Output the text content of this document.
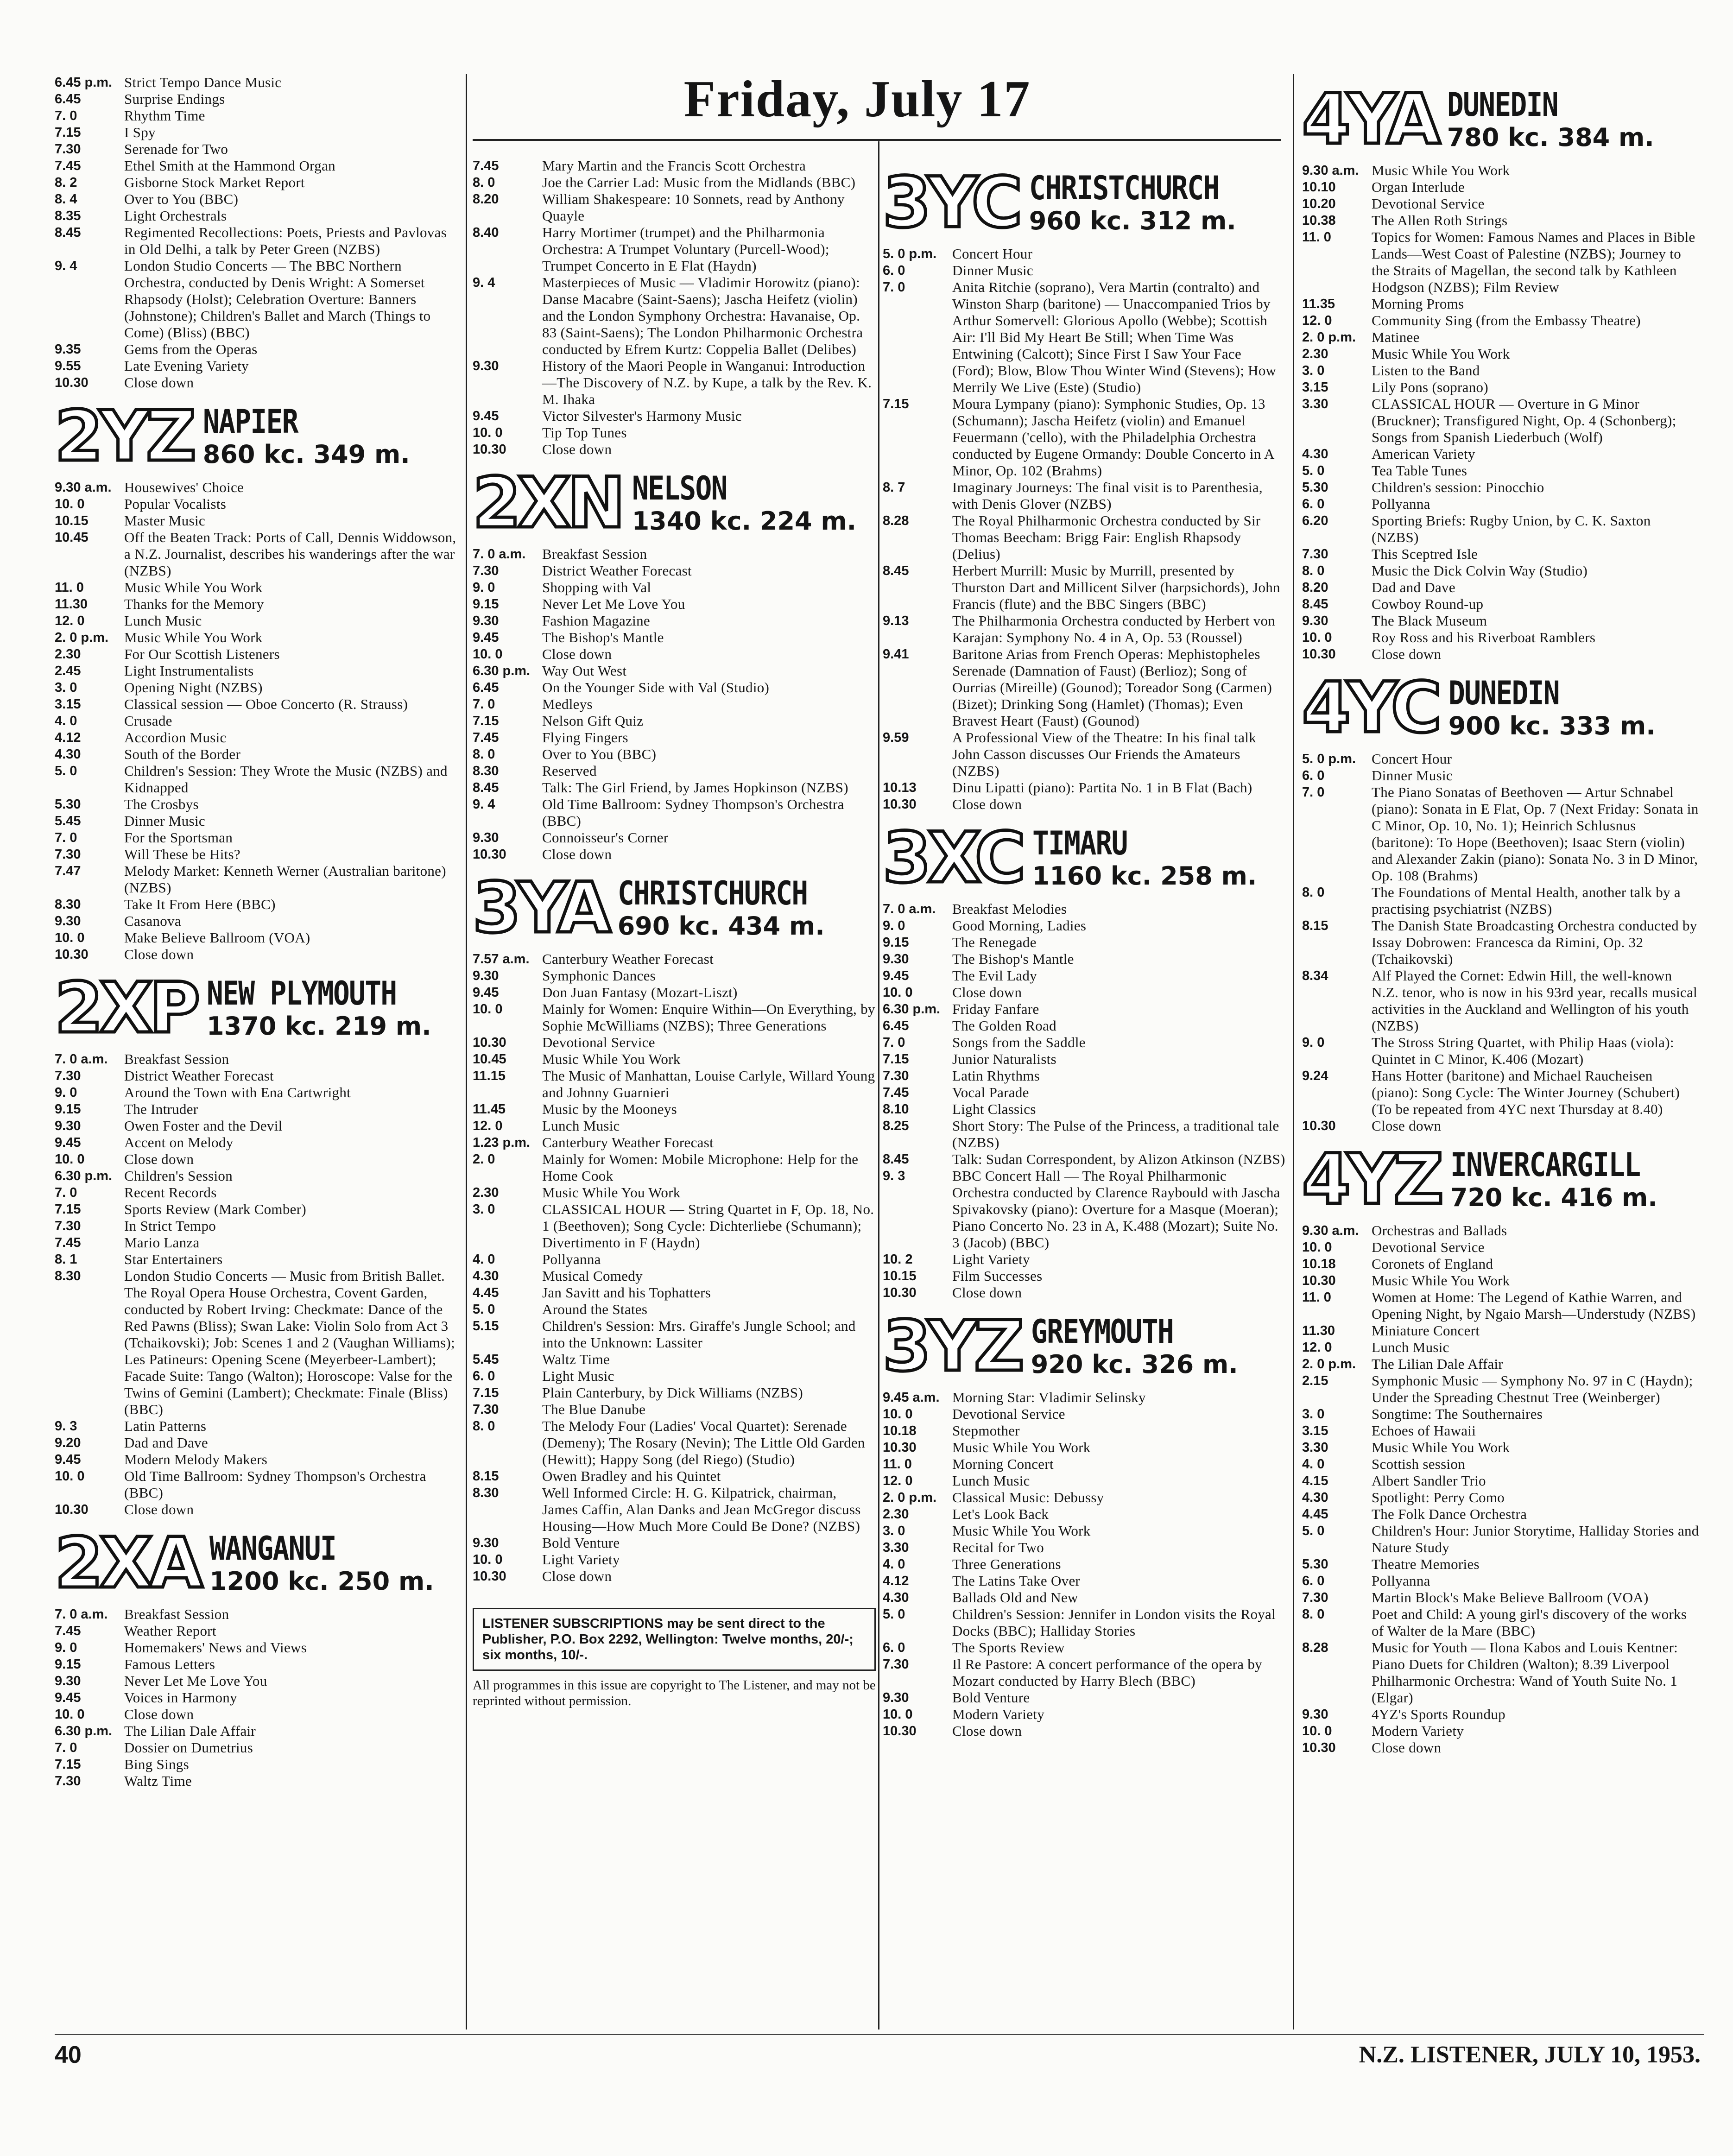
Friday, July 17
6.45 p.m. Strict Tempo Dance Music
6.45	Surprise Endings
7. 0	Rhythm Time
7.15	I Spy
7.30	Serenade for Two
7.45	Ethel Smith at the Hammond Organ
8. 2	Gisborne Stock Market Report
8. 4	Over to You (BBC)
8.35	Light Orchestrals
8.45	Regimented Recollections: Poets, Priests and Pavlovas in Old Delhi, a talk by Peter Green (NZBS)
9. 4	London Studio Concerts — The BBC Northern Orchestra, conducted by Denis Wright: A Somerset Rhapsody (Holst); Celebration Overture: Banners (Johnstone); Children's Ballet and March (Things to Come) (Bliss) (BBC)
9.35	Gems from the Operas
9.55	Late Evening Variety
10.30	Close down
2YZ NAPIER
860 kc. 349 m.
9.30 a.m. Housewives' Choice
10. 0	Popular Vocalists
10.15	Master Music
10.45	Off the Beaten Track: Ports of Call, Dennis Widdowson, a N.Z. Journalist, describes his wanderings after the war (NZBS)
11. 0	Music While You Work
11.30	Thanks for the Memory
12. 0	Lunch Music
2. 0 p.m.	Music While You Work
2.30	For Our Scottish Listeners
2.45	Light Instrumentalists
3. 0	Opening Night (NZBS)
3.15	Classical session — Oboe Concerto (R. Strauss)
4. 0	Crusade
4.12	Accordion Music
4.30	South of the Border
5. 0	Children's Session: They Wrote the Music (NZBS) and Kidnapped
5.30	The Crosbys
5.45	Dinner Music
7. 0	For the Sportsman
7.30	Will These be Hits?
7.47	Melody Market: Kenneth Werner (Australian baritone) (NZBS)
8.30	Take It From Here (BBC)
9.30	Casanova
10. 0	Make Believe Ballroom (VOA)
10.30	Close down
2XP NEW PLYMOUTH
1370 kc. 219 m.
7. 0 a.m.	Breakfast Session
7.30	District Weather Forecast
9. 0	Around the Town with Ena Cartwright
9.15	The Intruder
9.30	Owen Foster and the Devil
9.45	Accent on Melody
10. 0	Close down
6.30 p.m. Children's Session
7. 0	Recent Records
7.15	Sports Review (Mark Comber)
7.30	In Strict Tempo
7.45	Mario Lanza
8. 1	Star Entertainers
8.30	London Studio Concerts — Music from British Ballet. The Royal Opera House Orchestra, Covent Garden, conducted by Robert Irving: Checkmate: Dance of the Red Pawns (Bliss); Swan Lake: Violin Solo from Act 3 (Tchaikovski); Job: Scenes 1 and 2 (Vaughan Williams); Les Patineurs: Opening Scene (Meyerbeer-Lambert); Facade Suite: Tango (Walton); Horoscope: Valse for the Twins of Gemini (Lambert); Checkmate: Finale (Bliss) (BBC)
9. 3	Latin Patterns
9.20	Dad and Dave
9.45	Modern Melody Makers
10. 0	Old Time Ballroom: Sydney Thompson's Orchestra (BBC)
10.30	Close down
2XA WANGANUI
1200 kc. 250 m.
7. 0 a.m.	Breakfast Session
7.45	Weather Report
9. 0	Homemakers' News and Views
9.15	Famous Letters
9.30	Never Let Me Love You
9.45	Voices in Harmony
10. 0	Close down
6.30 p.m. The Lilian Dale Affair
7. 0	Dossier on Dumetrius
7.15	Bing Sings
7.30	Waltz Time
7.45	Mary Martin and the Francis Scott Orchestra
8. 0	Joe the Carrier Lad: Music from the Midlands (BBC)
8.20	William Shakespeare: 10 Sonnets, read by Anthony Quayle
8.40	Harry Mortimer (trumpet) and the Philharmonia Orchestra: A Trumpet Voluntary (Purcell-Wood); Trumpet Concerto in E Flat (Haydn)
9. 4	Masterpieces of Music — Vladimir Horowitz (piano): Danse Macabre (Saint-Saens); Jascha Heifetz (violin) and the London Symphony Orchestra: Havanaise, Op. 83 (Saint-Saens); The London Philharmonic Orchestra conducted by Efrem Kurtz: Coppelia Ballet (Delibes)
9.30	History of the Maori People in Wanganui: Introduction—The Discovery of N.Z. by Kupe, a talk by the Rev. K. M. Ihaka
9.45	Victor Silvester's Harmony Music
10. 0	Tip Top Tunes
10.30	Close down
2XN NELSON
1340 kc. 224 m.
7. 0 a.m.	Breakfast Session
7.30	District Weather Forecast
9. 0	Shopping with Val
9.15	Never Let Me Love You
9.30	Fashion Magazine
9.45	The Bishop's Mantle
10. 0	Close down
6.30 p.m. Way Out West
6.45	On the Younger Side with Val (Studio)
7. 0	Medleys
7.15	Nelson Gift Quiz
7.45	Flying Fingers
8. 0	Over to You (BBC)
8.30	Reserved
8.45	Talk: The Girl Friend, by James Hopkinson (NZBS)
9. 4	Old Time Ballroom: Sydney Thompson's Orchestra (BBC)
9.30	Connoisseur's Corner
10.30	Close down
3YA CHRISTCHURCH
690 kc. 434 m.
7.57 a.m. Canterbury Weather Forecast
9.30	Symphonic Dances
9.45	Don Juan Fantasy (Mozart-Liszt)
10. 0	Mainly for Women: Enquire Within—On Everything, by Sophie McWilliams (NZBS); Three Generations
10.30	Devotional Service
10.45	Music While You Work
11.15	The Music of Manhattan, Louise Carlyle, Willard Young and Johnny Guarnieri
11.45	Music by the Mooneys
12. 0	Lunch Music
1.23 p.m. Canterbury Weather Forecast
2. 0	Mainly for Women: Mobile Microphone: Help for the Home Cook
2.30	Music While You Work
3. 0	CLASSICAL HOUR — String Quartet in F, Op. 18, No. 1 (Beethoven); Song Cycle: Dichterliebe (Schumann); Divertimento in F (Haydn)
4. 0	Pollyanna
4.30	Musical Comedy
4.45	Jan Savitt and his Tophatters
5. 0	Around the States
5.15	Children's Session: Mrs. Giraffe's Jungle School; and into the Unknown: Lassiter
5.45	Waltz Time
6. 0	Light Music
7.15	Plain Canterbury, by Dick Williams (NZBS)
7.30	The Blue Danube
8. 0	The Melody Four (Ladies' Vocal Quartet): Serenade (Demeny); The Rosary (Nevin); The Little Old Garden (Hewitt); Happy Song (del Riego) (Studio)
8.15	Owen Bradley and his Quintet
8.30	Well Informed Circle: H. G. Kilpatrick, chairman, James Caffin, Alan Danks and Jean McGregor discuss Housing—How Much More Could Be Done? (NZBS)
9.30	Bold Venture
10. 0	Light Variety
10.30	Close down
LISTENER SUBSCRIPTIONS may be sent direct to the Publisher, P.O. Box 2292, Wellington: Twelve months, 20/-; six months, 10/-.
All programmes in this issue are copyright to The Listener, and may not be reprinted without permission.
3YC CHRISTCHURCH
960 kc. 312 m.
5. 0 p.m.	Concert Hour
6. 0	Dinner Music
7. 0	Anita Ritchie (soprano), Vera Martin (contralto) and Winston Sharp (baritone) — Unaccompanied Trios by Arthur Somervell: Glorious Apollo (Webbe); Scottish Air: I'll Bid My Heart Be Still; When Time Was Entwining (Calcott); Since First I Saw Your Face (Ford); Blow, Blow Thou Winter Wind (Stevens); How Merrily We Live (Este) (Studio)
7.15	Moura Lympany (piano): Symphonic Studies, Op. 13 (Schumann); Jascha Heifetz (violin) and Emanuel Feuermann ('cello), with the Philadelphia Orchestra conducted by Eugene Ormandy: Double Concerto in A Minor, Op. 102 (Brahms)
8. 7	Imaginary Journeys: The final visit is to Parenthesia, with Denis Glover (NZBS)
8.28	The Royal Philharmonic Orchestra conducted by Sir Thomas Beecham: Brigg Fair: English Rhapsody (Delius)
8.45	Herbert Murrill: Music by Murrill, presented by Thurston Dart and Millicent Silver (harpsichords), John Francis (flute) and the BBC Singers (BBC)
9.13	The Philharmonia Orchestra conducted by Herbert von Karajan: Symphony No. 4 in A, Op. 53 (Roussel)
9.41	Baritone Arias from French Operas: Mephistopheles Serenade (Damnation of Faust) (Berlioz); Song of Ourrias (Mireille) (Gounod); Toreador Song (Carmen) (Bizet); Drinking Song (Hamlet) (Thomas); Even Bravest Heart (Faust) (Gounod)
9.59	A Professional View of the Theatre: In his final talk John Casson discusses Our Friends the Amateurs (NZBS)
10.13	Dinu Lipatti (piano): Partita No. 1 in B Flat (Bach)
10.30	Close down
3XC TIMARU
1160 kc. 258 m.
7. 0 a.m.	Breakfast Melodies
9. 0	Good Morning, Ladies
9.15	The Renegade
9.30	The Bishop's Mantle
9.45	The Evil Lady
10. 0	Close down
6.30 p.m. Friday Fanfare
6.45	The Golden Road
7. 0	Songs from the Saddle
7.15	Junior Naturalists
7.30	Latin Rhythms
7.45	Vocal Parade
8.10	Light Classics
8.25	Short Story: The Pulse of the Princess, a traditional tale (NZBS)
8.45	Talk: Sudan Correspondent, by Alizon Atkinson (NZBS)
9. 3	BBC Concert Hall — The Royal Philharmonic Orchestra conducted by Clarence Raybould with Jascha Spivakovsky (piano): Overture for a Masque (Moeran); Piano Concerto No. 23 in A, K.488 (Mozart); Suite No. 3 (Jacob) (BBC)
10. 2	Light Variety
10.15	Film Successes
10.30	Close down
3YZ GREYMOUTH
920 kc. 326 m.
9.45 a.m. Morning Star: Vladimir Selinsky
10. 0	Devotional Service
10.18	Stepmother
10.30	Music While You Work
11. 0	Morning Concert
12. 0	Lunch Music
2. 0 p.m.	Classical Music: Debussy
2.30	Let's Look Back
3. 0	Music While You Work
3.30	Recital for Two
4. 0	Three Generations
4.12	The Latins Take Over
4.30	Ballads Old and New
5. 0	Children's Session: Jennifer in London visits the Royal Docks (BBC); Halliday Stories
6. 0	The Sports Review
7.30	Il Re Pastore: A concert performance of the opera by Mozart conducted by Harry Blech (BBC)
9.30	Bold Venture
10. 0	Modern Variety
10.30	Close down
4YA DUNEDIN
780 kc. 384 m.
9.30 a.m. Music While You Work
10.10	Organ Interlude
10.20	Devotional Service
10.38	The Allen Roth Strings
11. 0	Topics for Women: Famous Names and Places in Bible Lands—West Coast of Palestine (NZBS); Journey to the Straits of Magellan, the second talk by Kathleen Hodgson (NZBS); Film Review
11.35	Morning Proms
12. 0	Community Sing (from the Embassy Theatre)
2. 0 p.m.	Matinee
2.30	Music While You Work
3. 0	Listen to the Band
3.15	Lily Pons (soprano)
3.30	CLASSICAL HOUR — Overture in G Minor (Bruckner); Transfigured Night, Op. 4 (Schonberg); Songs from Spanish Liederbuch (Wolf)
4.30	American Variety
5. 0	Tea Table Tunes
5.30	Children's session: Pinocchio
6. 0	Pollyanna
6.20	Sporting Briefs: Rugby Union, by C. K. Saxton (NZBS)
7.30	This Sceptred Isle
8. 0	Music the Dick Colvin Way (Studio)
8.20	Dad and Dave
8.45	Cowboy Round-up
9.30	The Black Museum
10. 0	Roy Ross and his Riverboat Ramblers
10.30	Close down
4YC DUNEDIN
900 kc. 333 m.
5. 0 p.m.	Concert Hour
6. 0	Dinner Music
7. 0	The Piano Sonatas of Beethoven — Artur Schnabel (piano): Sonata in E Flat, Op. 7 (Next Friday: Sonata in C Minor, Op. 10, No. 1); Heinrich Schlusnus (baritone): To Hope (Beethoven); Isaac Stern (violin) and Alexander Zakin (piano): Sonata No. 3 in D Minor, Op. 108 (Brahms)
8. 0	The Foundations of Mental Health, another talk by a practising psychiatrist (NZBS)
8.15	The Danish State Broadcasting Orchestra conducted by Issay Dobrowen: Francesca da Rimini, Op. 32 (Tchaikovski)
8.34	Alf Played the Cornet: Edwin Hill, the well-known N.Z. tenor, who is now in his 93rd year, recalls musical activities in the Auckland and Wellington of his youth (NZBS)
9. 0	The Stross String Quartet, with Philip Haas (viola): Quintet in C Minor, K.406 (Mozart)
9.24	Hans Hotter (baritone) and Michael Raucheisen (piano): Song Cycle: The Winter Journey (Schubert) (To be repeated from 4YC next Thursday at 8.40)
10.30	Close down
4YZ INVERCARGILL
720 kc. 416 m.
9.30 a.m. Orchestras and Ballads
10. 0	Devotional Service
10.18	Coronets of England
10.30	Music While You Work
11. 0	Women at Home: The Legend of Kathie Warren, and Opening Night, by Ngaio Marsh—Understudy (NZBS)
11.30	Miniature Concert
12. 0	Lunch Music
2. 0 p.m.	The Lilian Dale Affair
2.15	Symphonic Music — Symphony No. 97 in C (Haydn); Under the Spreading Chestnut Tree (Weinberger)
3. 0	Songtime: The Southernaires
3.15	Echoes of Hawaii
3.30	Music While You Work
4. 0	Scottish session
4.15	Albert Sandler Trio
4.30	Spotlight: Perry Como
4.45	The Folk Dance Orchestra
5. 0	Children's Hour: Junior Storytime, Halliday Stories and Nature Study
5.30	Theatre Memories
6. 0	Pollyanna
7.30	Martin Block's Make Believe Ballroom (VOA)
8. 0	Poet and Child: A young girl's discovery of the works of Walter de la Mare (BBC)
8.28	Music for Youth — Ilona Kabos and Louis Kentner: Piano Duets for Children (Walton); 8.39 Liverpool Philharmonic Orchestra: Wand of Youth Suite No. 1 (Elgar)
9.30	4YZ's Sports Roundup
10. 0	Modern Variety
10.30	Close down
40	N.Z. LISTENER, JULY 10, 1953.
